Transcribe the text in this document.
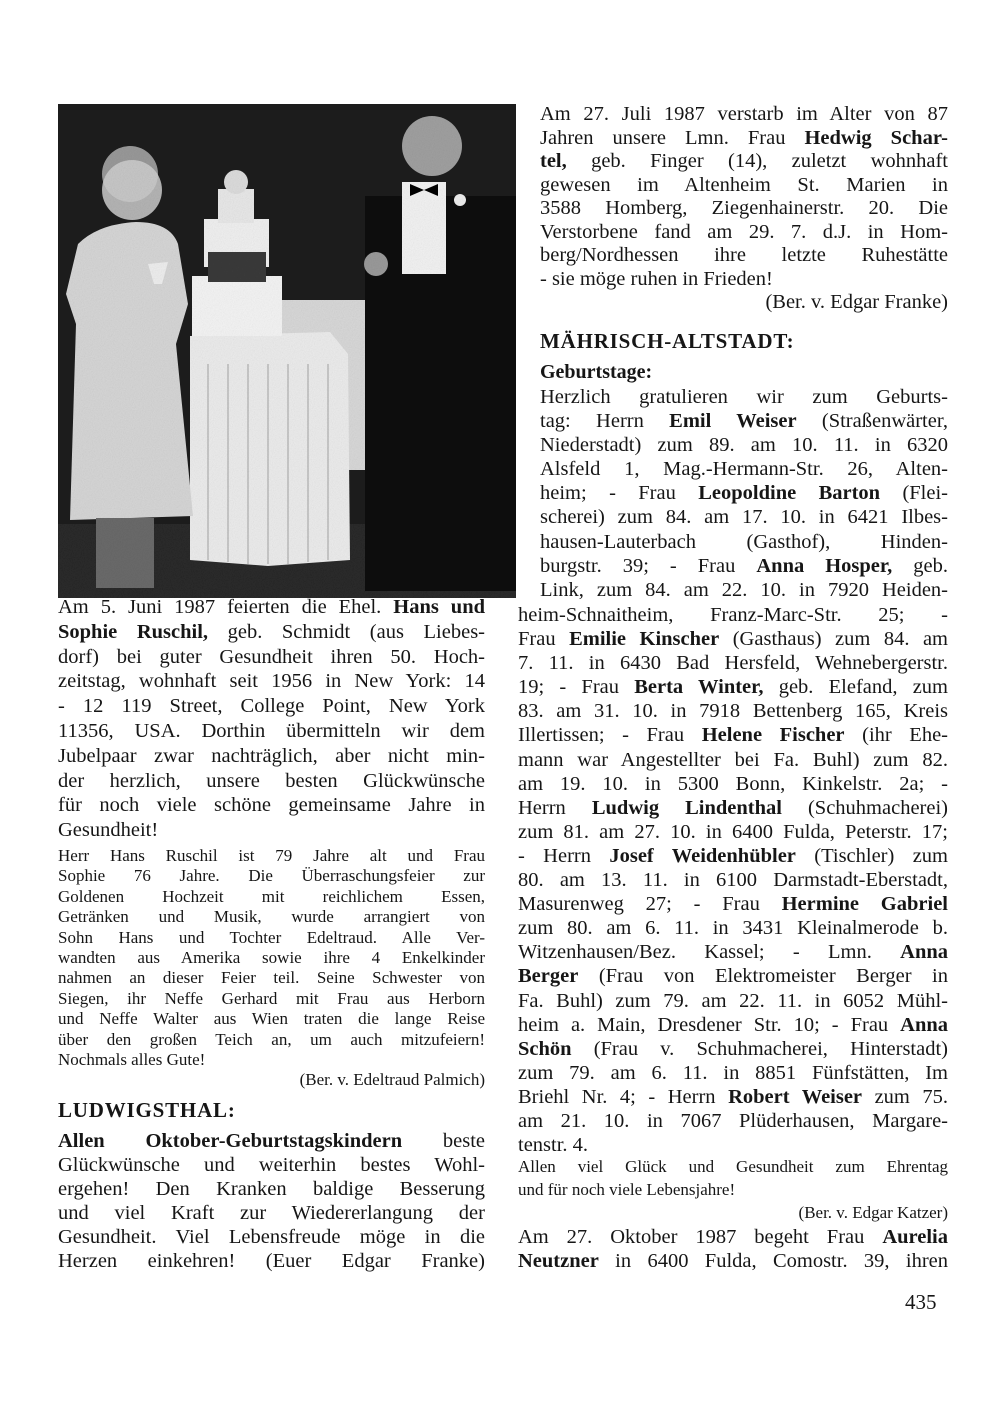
MÄHRISCH-ALTSTADT:
Geburtstage:
LUDWIGSTHAL:
Am 27. Juli 1987 verstarb im Alter von 87
Jahren unsere Lmn. Frau Hedwig Schar-
tel, geb. Finger (14), zuletzt wohnhaft
gewesen im Altenheim St. Marien in
3588 Homberg, Ziegenhainerstr. 20. Die
Verstorbene fand am 29. 7. d.J. in Hom-
berg/Nordhessen ihre letzte Ruhestätte
- sie möge ruhen in Frieden!
(Ber. v. Edgar Franke)
Herzlich gratulieren wir zum Geburts-
tag: Herrn Emil Weiser (Straßenwärter,
Niederstadt) zum 89. am 10. 11. in 6320
Alsfeld 1, Mag.-Hermann-Str. 26, Alten-
heim; - Frau Leopoldine Barton (Flei-
scherei) zum 84. am 17. 10. in 6421 Ilbes-
hausen-Lauterbach (Gasthof), Hinden-
burgstr. 39; - Frau Anna Hosper, geb.
Link, zum 84. am 22. 10. in 7920 Heiden-
heim-Schnaitheim, Franz-Marc-Str. 25; -
Frau Emilie Kinscher (Gasthaus) zum 84. am
7. 11. in 6430 Bad Hersfeld, Wehnebergerstr.
19; - Frau Berta Winter, geb. Elefand, zum
83. am 31. 10. in 7918 Bettenberg 165, Kreis
Illertissen; - Frau Helene Fischer (ihr Ehe-
mann war Angestellter bei Fa. Buhl) zum 82.
am 19. 10. in 5300 Bonn, Kinkelstr. 2a; -
Herrn Ludwig Lindenthal (Schuhmacherei)
zum 81. am 27. 10. in 6400 Fulda, Peterstr. 17;
- Herrn Josef Weidenhübler (Tischler) zum
80. am 13. 11. in 6100 Darmstadt-Eberstadt,
Masurenweg 27; - Frau Hermine Gabriel
zum 80. am 6. 11. in 3431 Kleinalmerode b.
Witzenhausen/Bez. Kassel; - Lmn. Anna
Berger (Frau von Elektromeister Berger in
Fa. Buhl) zum 79. am 22. 11. in 6052 Mühl-
heim a. Main, Dresdener Str. 10; - Frau Anna
Schön (Frau v. Schuhmacherei, Hinterstadt)
zum 79. am 6. 11. in 8851 Fünfstätten, Im
Briehl Nr. 4; - Herrn Robert Weiser zum 75.
am 21. 10. in 7067 Plüderhausen, Margare-
tenstr. 4.
Allen viel Glück und Gesundheit zum Ehrentag
und für noch viele Lebensjahre!
(Ber. v. Edgar Katzer)
Am 27. Oktober 1987 begeht Frau Aurelia
Neutzner in 6400 Fulda, Comostr. 39, ihren
Am 5. Juni 1987 feierten die Ehel. Hans und
Sophie Ruschil, geb. Schmidt (aus Liebes-
dorf) bei guter Gesundheit ihren 50. Hoch-
zeitstag, wohnhaft seit 1956 in New York: 14
- 12 119 Street, College Point, New York
11356, USA. Dorthin übermitteln wir dem
Jubelpaar zwar nachträglich, aber nicht min-
der herzlich, unsere besten Glückwünsche
für noch viele schöne gemeinsame Jahre in
Gesundheit!
Herr Hans Ruschil ist 79 Jahre alt und Frau
Sophie 76 Jahre. Die Überraschungsfeier zur
Goldenen Hochzeit mit reichlichem Essen,
Getränken und Musik, wurde arrangiert von
Sohn Hans und Tochter Edeltraud. Alle Ver-
wandten aus Amerika sowie ihre 4 Enkelkinder
nahmen an dieser Feier teil. Seine Schwester von
Siegen, ihr Neffe Gerhard mit Frau aus Herborn
und Neffe Walter aus Wien traten die lange Reise
über den großen Teich an, um auch mitzufeiern!
Nochmals alles Gute!
(Ber. v. Edeltraud Palmich)
Allen Oktober-Geburtstagskindern beste
Glückwünsche und weiterhin bestes Wohl-
ergehen! Den Kranken baldige Besserung
und viel Kraft zur Wiedererlangung der
Gesundheit. Viel Lebensfreude möge in die
Herzen einkehren! (Euer Edgar Franke)
435
